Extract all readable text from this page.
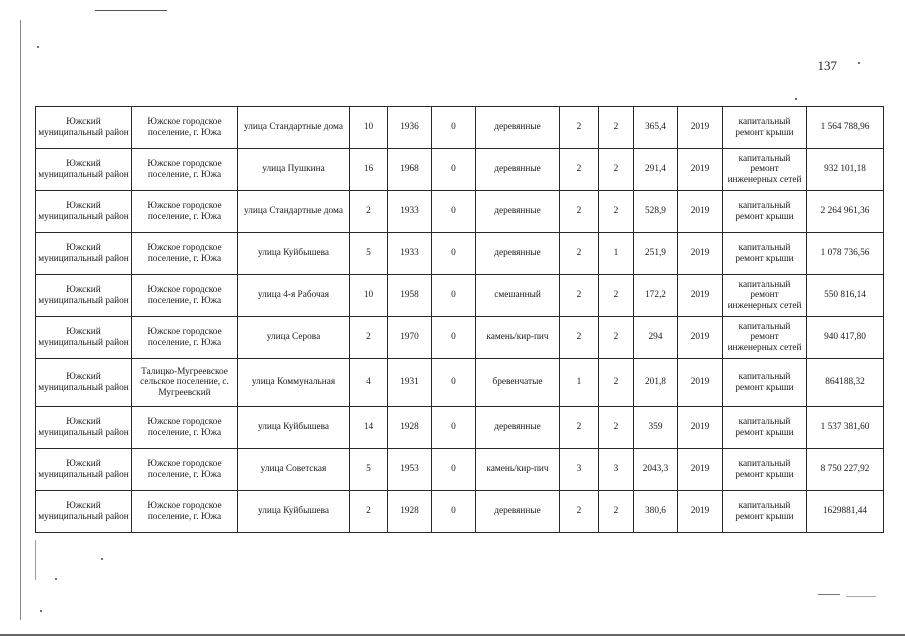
137
Южский муниципальный район	Южское городское поселение, г. Южа	улица Стандартные дома	10	1936	0	деревянные	2	2	365,4	2019	капитальный ремонт крыши	1 564 788,96
Южский муниципальный район	Южское городское поселение, г. Южа	улица Пушкина	16	1968	0	деревянные	2	2	291,4	2019	капитальный ремонт инженерных сетей	932 101,18
Южский муниципальный район	Южское городское поселение, г. Южа	улица Стандартные дома	2	1933	0	деревянные	2	2	528,9	2019	капитальный ремонт крыши	2 264 961,36
Южский муниципальный район	Южское городское поселение, г. Южа	улица Куйбышева	5	1933	0	деревянные	2	1	251,9	2019	капитальный ремонт крыши	1 078 736,56
Южский муниципальный район	Южское городское поселение, г. Южа	улица 4-я Рабочая	10	1958	0	смешанный	2	2	172,2	2019	капитальный ремонт инженерных сетей	550 816,14
Южский муниципальный район	Южское городское поселение, г. Южа	улица Серова	2	1970	0	камень/кир-пич	2	2	294	2019	капитальный ремонт инженерных сетей	940 417,80
Южский муниципальный район	Талицко-Мугреевское сельское поселение, с. Мугреевский	улица Коммунальная	4	1931	0	бревенчатые	1	2	201,8	2019	капитальный ремонт крыши	864188,32
Южский муниципальный район	Южское городское поселение, г. Южа	улица Куйбышева	14	1928	0	деревянные	2	2	359	2019	капитальный ремонт крыши	1 537 381,60
Южский муниципальный район	Южское городское поселение, г. Южа	улица Советская	5	1953	0	камень/кир-пич	3	3	2043,3	2019	капитальный ремонт крыши	8 750 227,92
Южский муниципальный район	Южское городское поселение, г. Южа	улица Куйбышева	2	1928	0	деревянные	2	2	380,6	2019	капитальный ремонт крыши	1629881,44
